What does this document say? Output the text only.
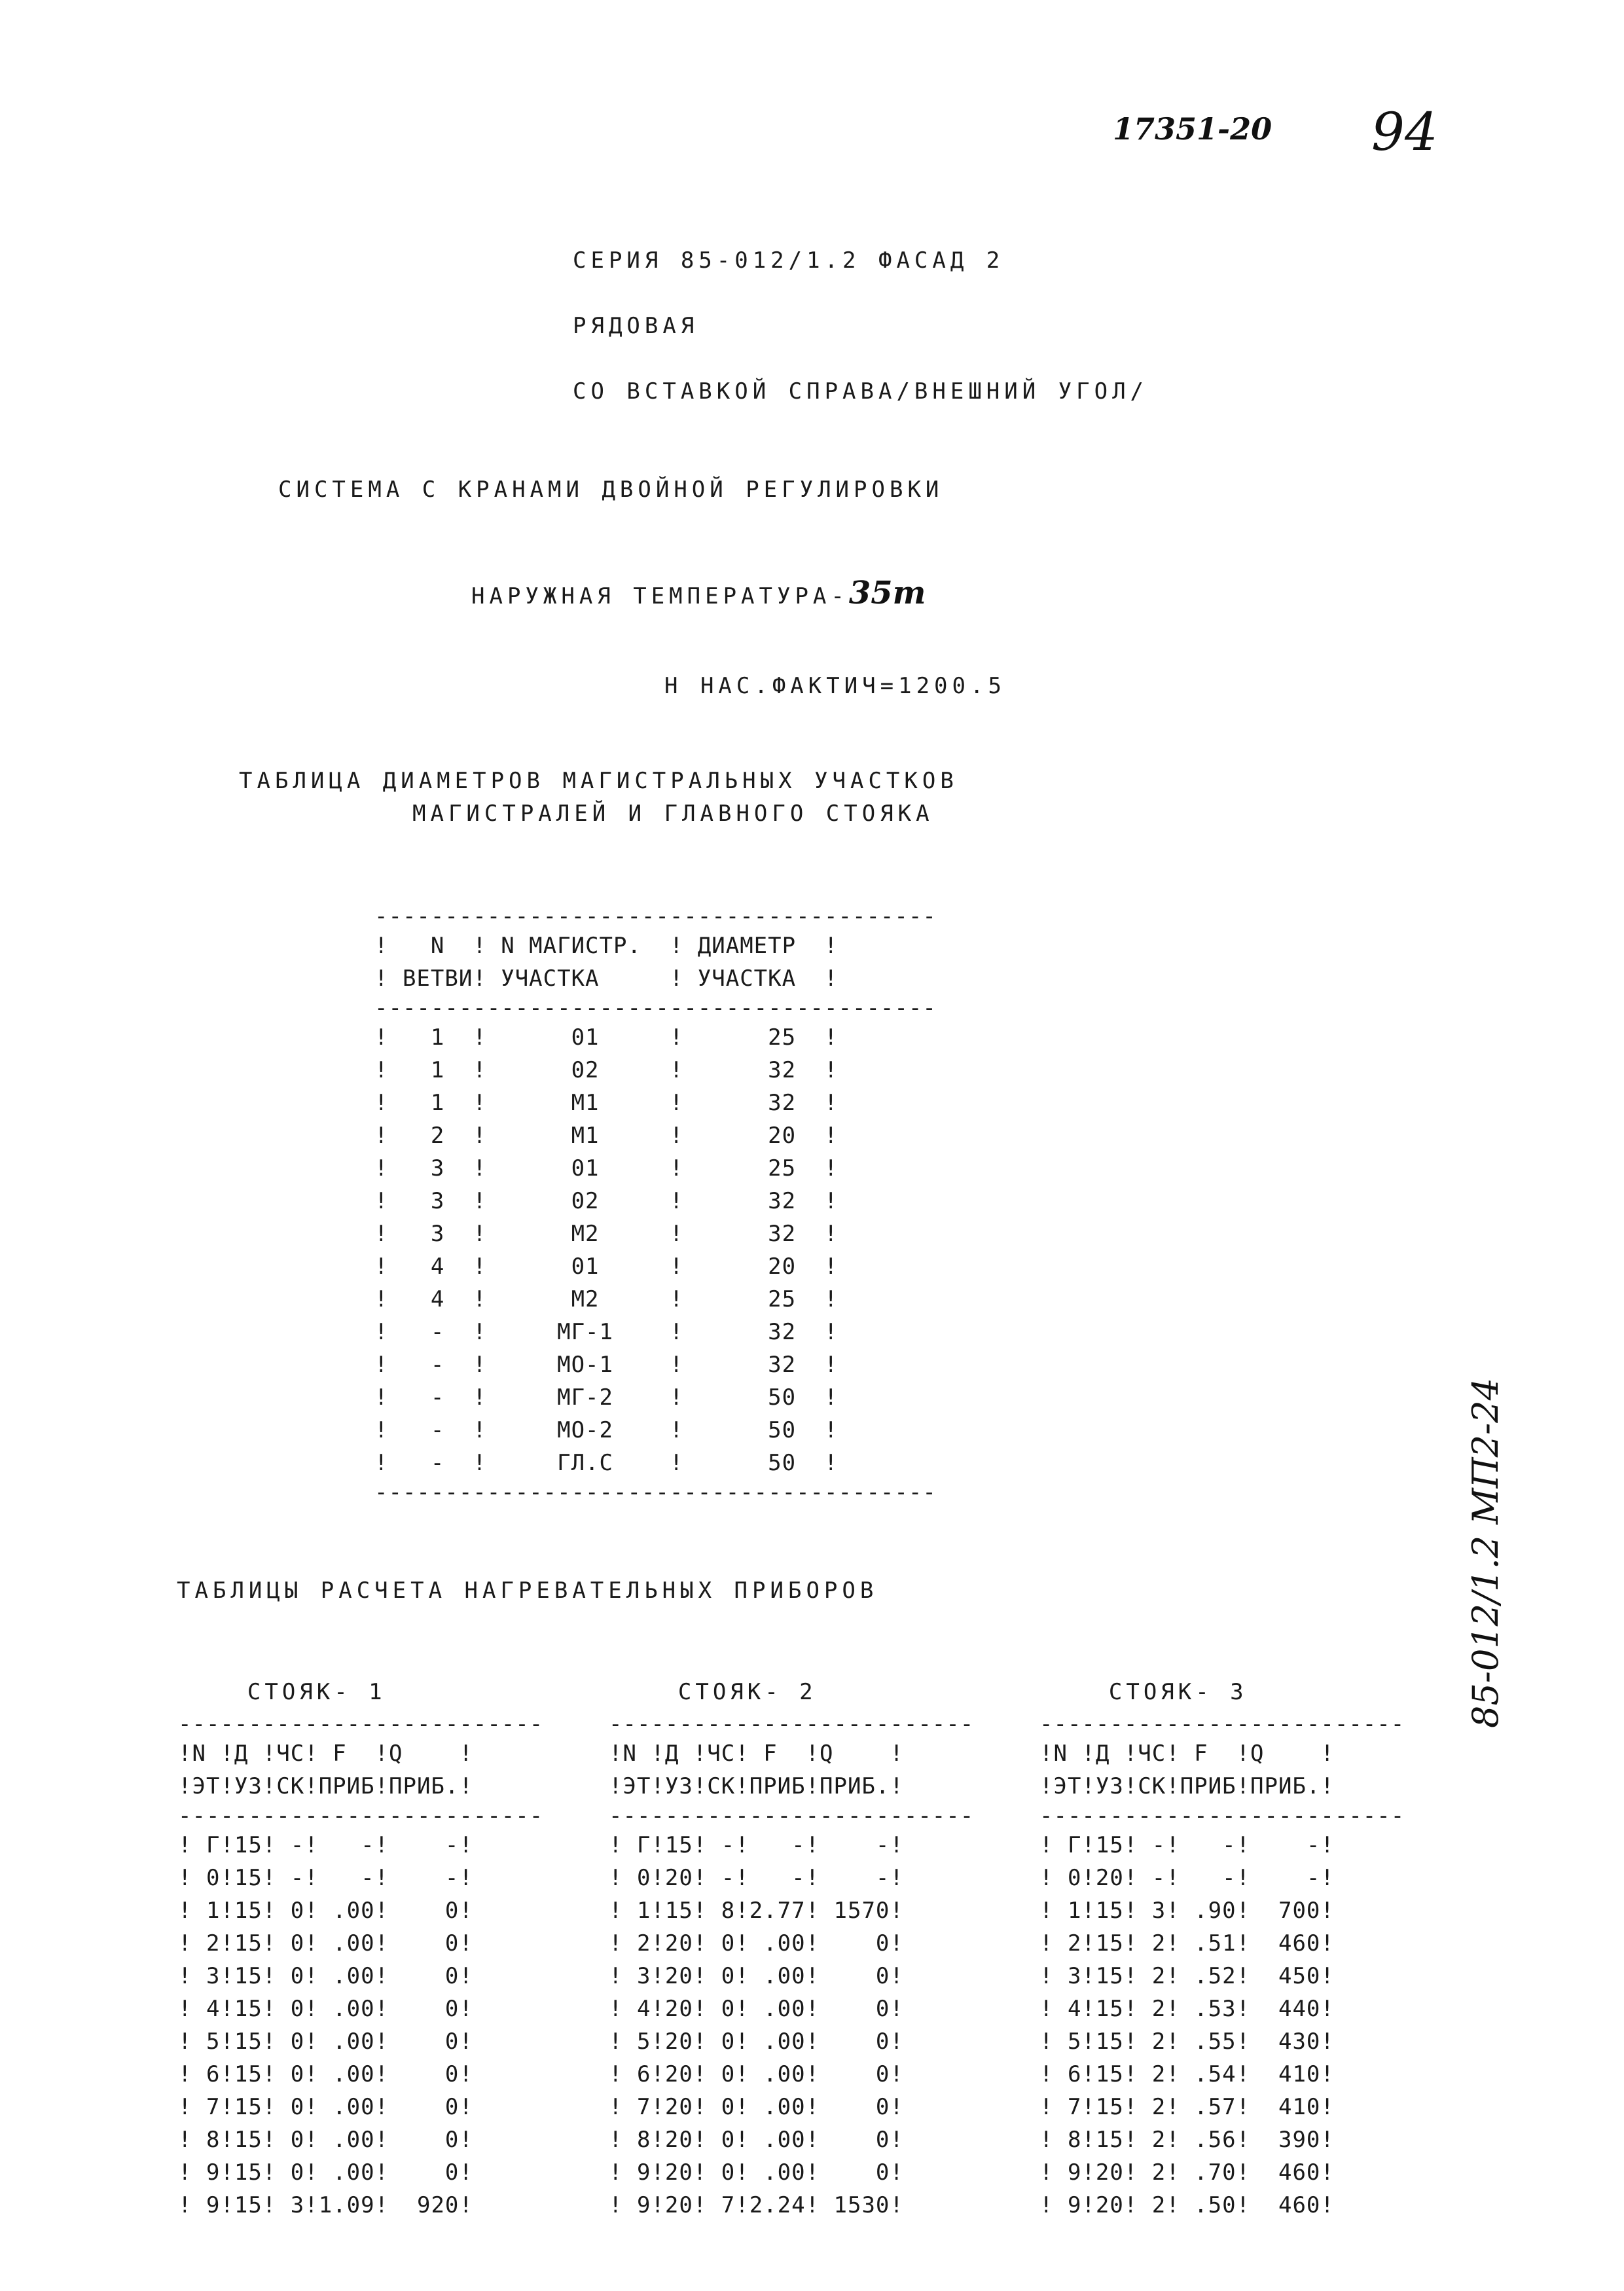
17351-20 94
СЕРИЯ 85-012/1.2 ФАСАД 2
РЯДОВАЯ
СО ВСТАВКОЙ СПРАВА/ВНЕШНИЙ УГОЛ/
СИСТЕМА С КРАНАМИ ДВОЙНОЙ РЕГУЛИРОВКИ
НАРУЖНАЯ ТЕМПЕРАТУРА-35т
Н НАС.ФАКТИЧ=1200.5
ТАБЛИЦА ДИАМЕТРОВ МАГИСТРАЛЬНЫХ УЧАСТКОВ
МАГИСТРАЛЕЙ И ГЛАВНОГО СТОЯКА
----------------------------------------
!   N  ! N МАГИСТР.  ! ДИАМЕТР  !
! ВЕТВИ! УЧАСТКА     ! УЧАСТКА  !
----------------------------------------
!   1  !      01     !      25  !
!   1  !      02     !      32  !
!   1  !      М1     !      32  !
!   2  !      М1     !      20  !
!   3  !      01     !      25  !
!   3  !      02     !      32  !
!   3  !      М2     !      32  !
!   4  !      01     !      20  !
!   4  !      М2     !      25  !
!   -  !     МГ-1    !      32  !
!   -  !     МО-1    !      32  !
!   -  !     МГ-2    !      50  !
!   -  !     МО-2    !      50  !
!   -  !     ГЛ.С    !      50  !
----------------------------------------
ТАБЛИЦЫ РАСЧЕТА НАГРЕВАТЕЛЬНЫХ ПРИБОРОВ
СТОЯК- 1
--------------------------
!N !Д !ЧС! F  !Q    !
!ЭТ!УЗ!СК!ПРИБ!ПРИБ.!
--------------------------
! Г!15! -!   -!    -!
! 0!15! -!   -!    -!
! 1!15! 0! .00!    0!
! 2!15! 0! .00!    0!
! 3!15! 0! .00!    0!
! 4!15! 0! .00!    0!
! 5!15! 0! .00!    0!
! 6!15! 0! .00!    0!
! 7!15! 0! .00!    0!
! 8!15! 0! .00!    0!
! 9!15! 0! .00!    0!
! 9!15! 3!1.09!  920!
СТОЯК- 2
--------------------------
!N !Д !ЧС! F  !Q    !
!ЭТ!УЗ!СК!ПРИБ!ПРИБ.!
--------------------------
! Г!15! -!   -!    -!
! 0!20! -!   -!    -!
! 1!15! 8!2.77! 1570!
! 2!20! 0! .00!    0!
! 3!20! 0! .00!    0!
! 4!20! 0! .00!    0!
! 5!20! 0! .00!    0!
! 6!20! 0! .00!    0!
! 7!20! 0! .00!    0!
! 8!20! 0! .00!    0!
! 9!20! 0! .00!    0!
! 9!20! 7!2.24! 1530!
СТОЯК- 3
--------------------------
!N !Д !ЧС! F  !Q    !
!ЭТ!УЗ!СК!ПРИБ!ПРИБ.!
--------------------------
! Г!15! -!   -!    -!
! 0!20! -!   -!    -!
! 1!15! 3! .90!  700!
! 2!15! 2! .51!  460!
! 3!15! 2! .52!  450!
! 4!15! 2! .53!  440!
! 5!15! 2! .55!  430!
! 6!15! 2! .54!  410!
! 7!15! 2! .57!  410!
! 8!15! 2! .56!  390!
! 9!20! 2! .70!  460!
! 9!20! 2! .50!  460!
85-012/1.2 МП2-24
